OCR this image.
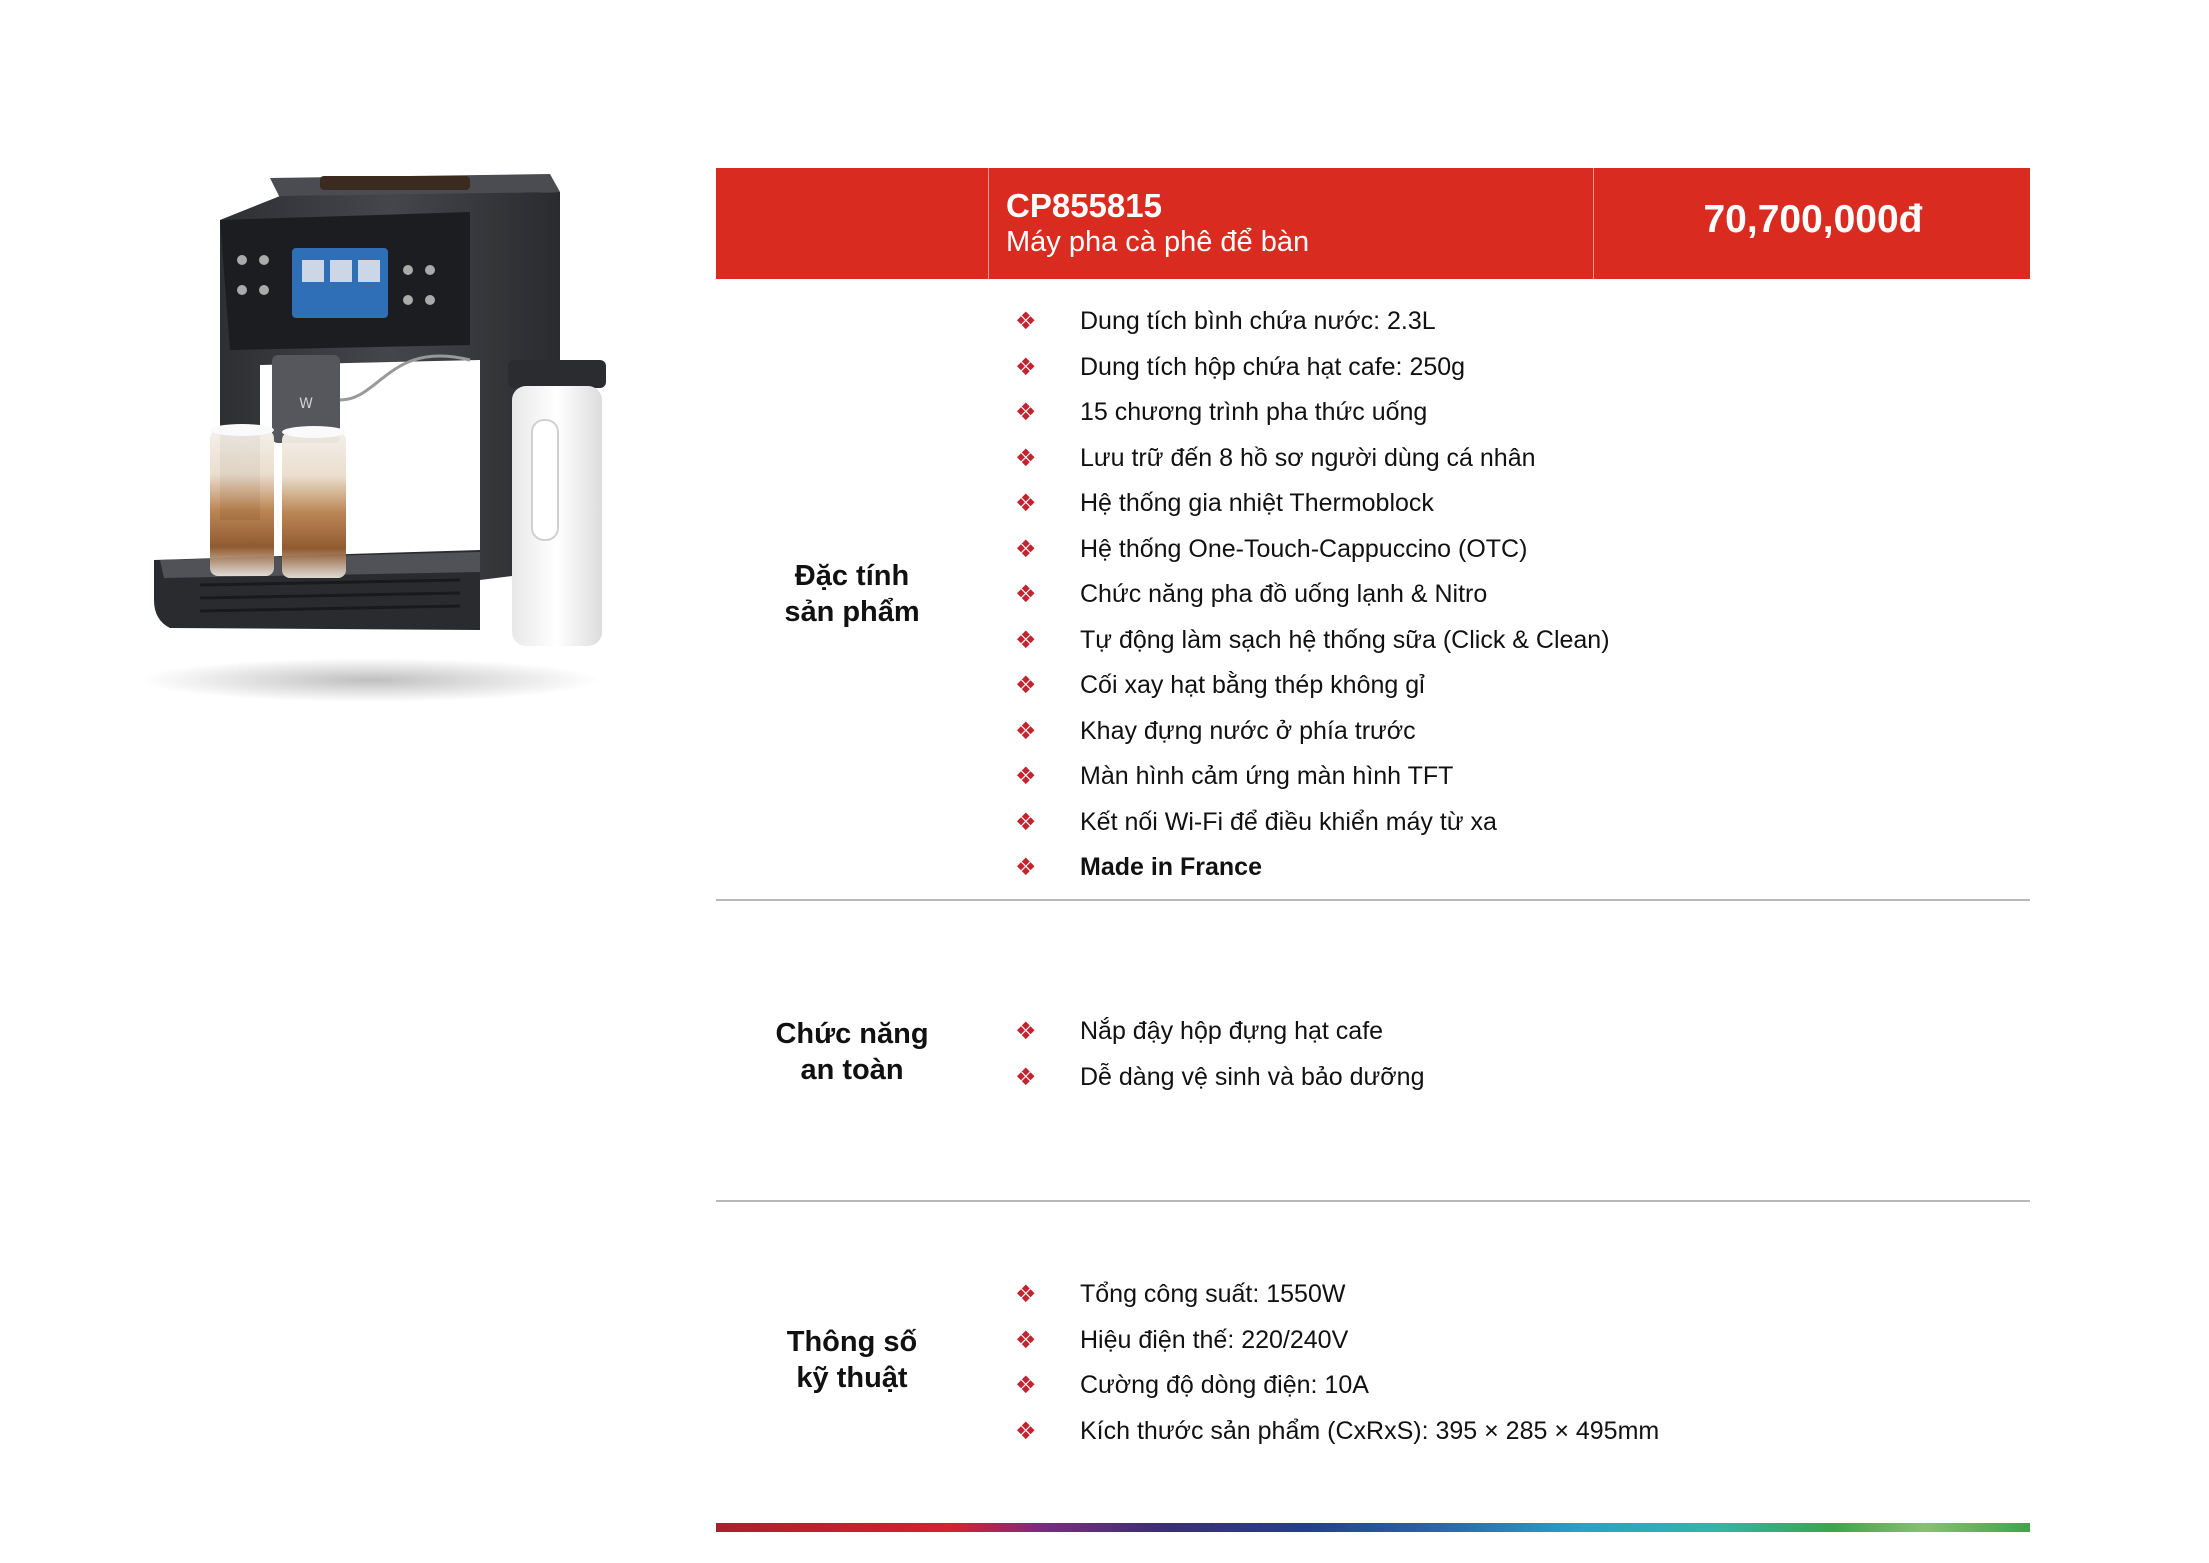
W
CP855815
Máy pha cà phê để bàn
70,700,000đ
Đặc tính
sản phẩm
❖ Dung tích bình chứa nước: 2.3L
❖ Dung tích hộp chứa hạt cafe: 250g
❖ 15 chương trình pha thức uống
❖ Lưu trữ đến 8 hồ sơ người dùng cá nhân
❖ Hệ thống gia nhiệt Thermoblock
❖ Hệ thống One-Touch-Cappuccino (OTC)
❖ Chức năng pha đồ uống lạnh & Nitro
❖ Tự động làm sạch hệ thống sữa (Click & Clean)
❖ Cối xay hạt bằng thép không gỉ
❖ Khay đựng nước ở phía trước
❖ Màn hình cảm ứng màn hình TFT
❖ Kết nối Wi-Fi để điều khiển máy từ xa
❖ Made in France
Chức năng
an toàn
❖ Nắp đậy hộp đựng hạt cafe
❖ Dễ dàng vệ sinh và bảo dưỡng
Thông số
kỹ thuật
❖ Tổng công suất: 1550W
❖ Hiệu điện thế: 220/240V
❖ Cường độ dòng điện: 10A
❖ Kích thước sản phẩm (CxRxS): 395 × 285 × 495mm
